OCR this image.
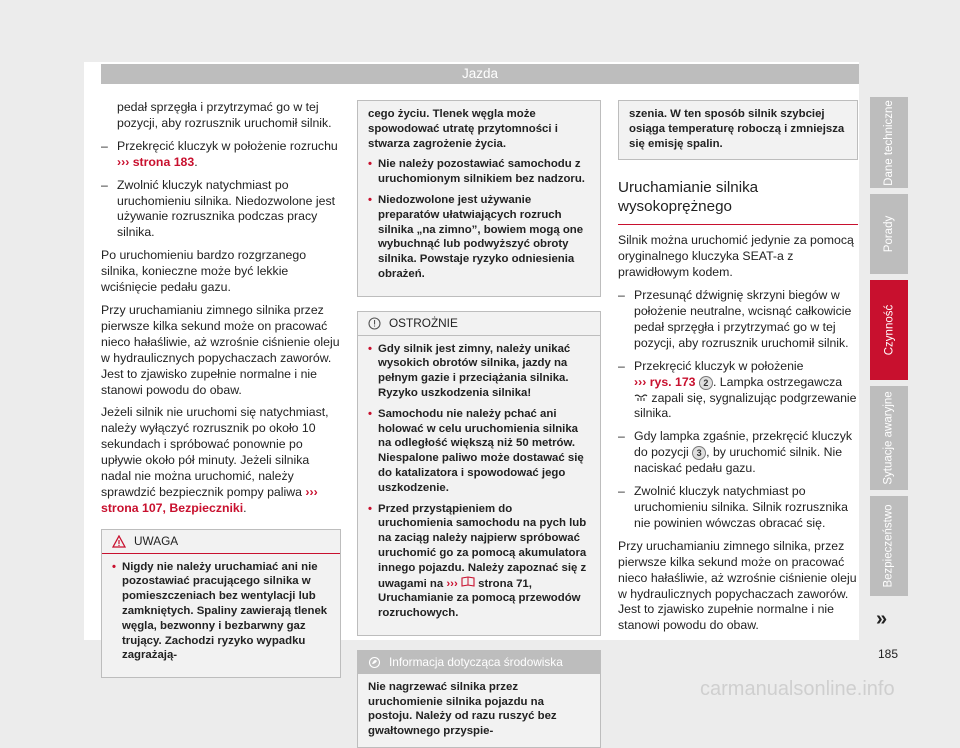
Jazda

pedał sprzęgła i przytrzymać go w tej pozycji, aby rozrusznik uruchomił silnik.

– Przekręcić kluczyk w położenie rozruchu
››› strona 183.
– Zwolnić kluczyk natychmiast po uruchomieniu silnika. Niedozwolone jest używanie rozrusznika podczas pracy silnika.

Po uruchomieniu bardzo rozgrzanego silnika, konieczne może być lekkie wciśnięcie pedału gazu.

Przy uruchamianiu zimnego silnika przez pierwsze kilka sekund może on pracować nieco hałaśliwie, aż wzrośnie ciśnienie oleju w hydraulicznych popychaczach zaworów. Jest to zjawisko zupełnie normalne i nie stanowi powodu do obaw.

Jeżeli silnik nie uruchomi się natychmiast, należy wyłączyć rozrusznik po około 10 sekundach i spróbować ponownie po upływie około pół minuty. Jeżeli silnika nadal nie można uruchomić, należy sprawdzić bezpiecznik pompy paliwa ››› strona 107, Bezpieczniki.

UWAGA
• Nigdy nie należy uruchamiać ani nie pozostawiać pracującego silnika w pomieszczeniach bez wentylacji lub zamkniętych. Spaliny zawierają tlenek węgla, bezwonny i bezbarwny gaz trujący. Zachodzi ryzyko wypadku zagrażają-

cego życiu. Tlenek węgla może spowodować utratę przytomności i stwarza zagrożenie życia.

• Nie należy pozostawiać samochodu z uruchomionym silnikiem bez nadzoru.
• Niedozwolone jest używanie preparatów ułatwiających rozruch silnika „na zimno”, bowiem mogą one wybuchnąć lub podwyższyć obroty silnika. Powstaje ryzyko odniesienia obrażeń.
OSTROŻNIE
• Gdy silnik jest zimny, należy unikać wysokich obrotów silnika, jazdy na pełnym gazie i przeciążania silnika. Ryzyko uszkodzenia silnika!
• Samochodu nie należy pchać ani holować w celu uruchomienia silnika na odległość większą niż 50 metrów. Niespalone paliwo może dostawać się do katalizatora i spowodować jego uszkodzenie.
• Przed przystąpieniem do uruchomienia samochodu na pych lub na zaciąg należy najpierw spróbować uruchomić go za pomocą akumulatora innego pojazdu. Należy zapoznać się z uwagami na ››› strona 71, Uruchamianie za pomocą przewodów rozruchowych.
Informacja dotycząca środowiska
Nie nagrzewać silnika przez uruchomienie silnika pojazdu na postoju. Należy od razu ruszyć bez gwałtownego przyspie-
szenia. W ten sposób silnik szybciej osiąga temperaturę roboczą i zmniejsza się emisję spalin.
Uruchamianie silnika wysokoprężnego

Silnik można uruchomić jedynie za pomocą oryginalnego kluczyka SEAT-a z prawidłowym kodem.

– Przesunąć dźwignię skrzyni biegów w położenie neutralne, wcisnąć całkowicie pedał sprzęgła i przytrzymać go w tej pozycji, aby rozrusznik uruchomił silnik.
– Przekręcić kluczyk w położenie
››› rys. 173 2 . Lampka ostrzegawcza  zapali się, sygnalizując podgrzewanie silnika.
– Gdy lampka zgaśnie, przekręcić kluczyk do pozycji 3 , by uruchomić silnik. Nie naciskać pedału gazu.
– Zwolnić kluczyk natychmiast po uruchomieniu silnika. Silnik rozrusznika nie powinien wówczas obracać się.

Przy uruchamianiu zimnego silnika, przez pierwsze kilka sekund może on pracować nieco hałaśliwie, aż wzrośnie ciśnienie oleju w hydraulicznych popychaczach zaworów. Jest to zjawisko zupełnie normalne i nie stanowi powodu do obaw.

Dane techniczne
Porady
Czynność
Sytuacje awaryjne
Bezpieczeństwo
»
185
carmanualsonline.info
